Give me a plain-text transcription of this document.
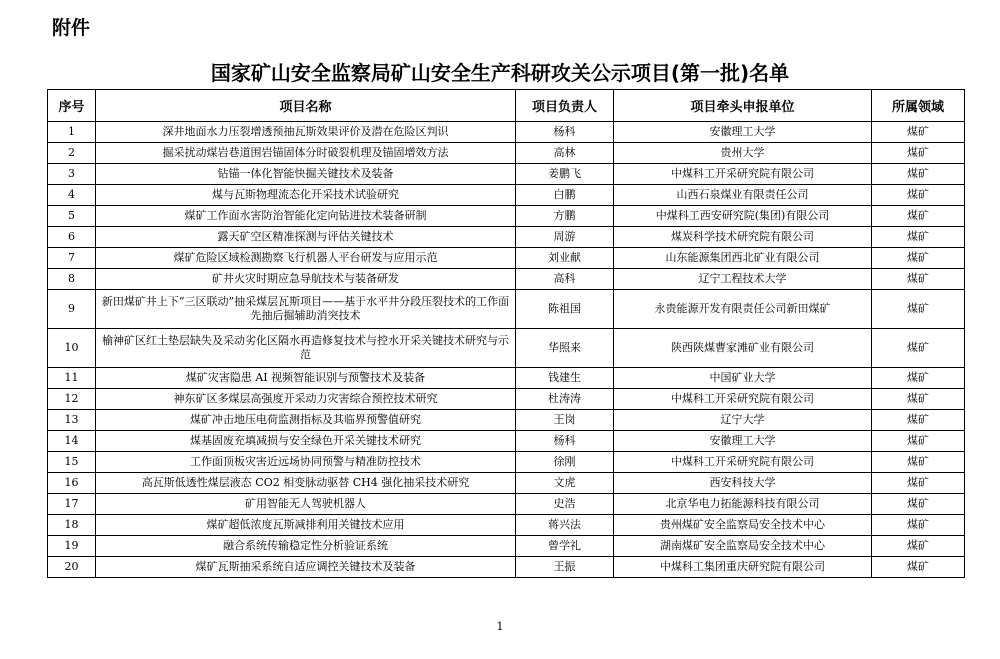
附件
国家矿山安全监察局矿山安全生产科研攻关公示项目(第一批)名单
序号	项目名称	项目负责人	项目牵头申报单位	所属领域
1	深井地面水力压裂增透预抽瓦斯效果评价及潜在危险区判识	杨科	安徽理工大学	煤矿
2	掘采扰动煤岩巷道围岩锚固体分时破裂机理及锚固增效方法	高林	贵州大学	煤矿
3	钻锚一体化智能快掘关键技术及装备	姜鹏飞	中煤科工开采研究院有限公司	煤矿
4	煤与瓦斯物理流态化开采技术试验研究	白鹏	山西石泉煤业有限责任公司	煤矿
5	煤矿工作面水害防治智能化定向钻进技术装备研制	方鹏	中煤科工西安研究院(集团)有限公司	煤矿
6	露天矿空区精准探测与评估关键技术	周游	煤炭科学技术研究院有限公司	煤矿
7	煤矿危险区域检测勘察飞行机器人平台研发与应用示范	刘业献	山东能源集团西北矿业有限公司	煤矿
8	矿井火灾时期应急导航技术与装备研发	高科	辽宁工程技术大学	煤矿
9	新田煤矿井上下“三区联动”抽采煤层瓦斯项目——基于水平井分段压裂技术的工作面先抽后掘辅助消突技术	陈祖国	永贵能源开发有限责任公司新田煤矿	煤矿
10	榆神矿区红土垫层缺失及采动劣化区隔水再造修复技术与控水开采关键技术研究与示范	华照来	陕西陕煤曹家滩矿业有限公司	煤矿
11	煤矿灾害隐患 AI 视频智能识别与预警技术及装备	钱建生	中国矿业大学	煤矿
12	神东矿区多煤层高强度开采动力灾害综合预控技术研究	杜涛涛	中煤科工开采研究院有限公司	煤矿
13	煤矿冲击地压电荷监测指标及其临界预警值研究	王岗	辽宁大学	煤矿
14	煤基固废充填减损与安全绿色开采关键技术研究	杨科	安徽理工大学	煤矿
15	工作面顶板灾害近远场协同预警与精准防控技术	徐刚	中煤科工开采研究院有限公司	煤矿
16	高瓦斯低透性煤层液态 CO2 相变脉动驱替 CH4 强化抽采技术研究	文虎	西安科技大学	煤矿
17	矿用智能无人驾驶机器人	史浩	北京华电力拓能源科技有限公司	煤矿
18	煤矿超低浓度瓦斯减排利用关键技术应用	蒋兴法	贵州煤矿安全监察局安全技术中心	煤矿
19	融合系统传输稳定性分析验证系统	曾学礼	湖南煤矿安全监察局安全技术中心	煤矿
20	煤矿瓦斯抽采系统自适应调控关键技术及装备	王振	中煤科工集团重庆研究院有限公司	煤矿
1
